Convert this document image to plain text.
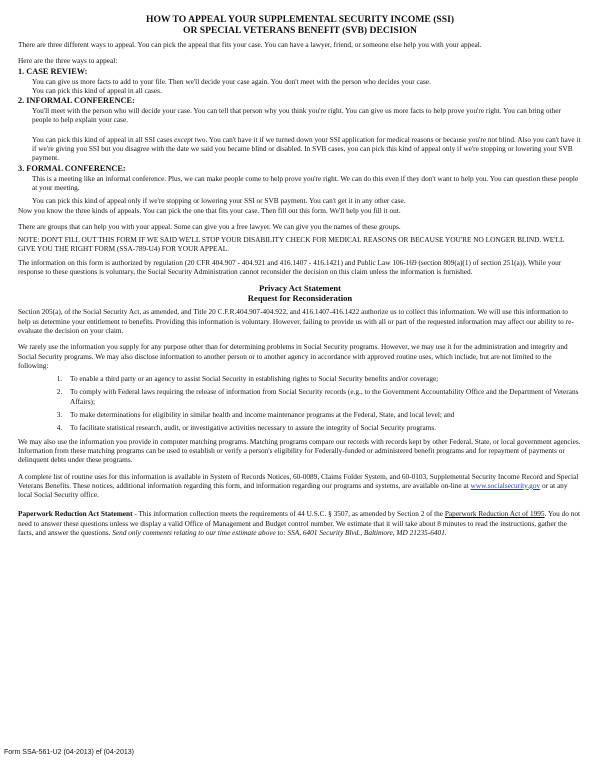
HOW TO APPEAL YOUR SUPPLEMENTAL SECURITY INCOME (SSI)
OR SPECIAL VETERANS BENEFIT (SVB) DECISION

There are three different ways to appeal. You can pick the appeal that fits your case. You can have a lawyer, friend, or someone else help you with your appeal.

Here are the three ways to appeal:

1. CASE REVIEW:

You can give us more facts to add to your file. Then we'll decide your case again. You don't meet with the person who decides your case.

You can pick this kind of appeal in all cases.

2. INFORMAL CONFERENCE:

You'll meet with the person who will decide your case. You can tell that person why you think you're right. You can give us more facts to help prove you're right. You can bring other people to help explain your case.

You can pick this kind of appeal in all SSI cases except two. You can't have it if we turned down your SSI application for medical reasons or because you're not blind. Also you can't have it if we're giving you SSI but you disagree with the date we said you became blind or disabled. In SVB cases, you can pick this kind of appeal only if we're stopping or lowering your SVB payment.

3. FORMAL CONFERENCE:

This is a meeting like an informal conference. Plus, we can make people come to help prove you're right. We can do this even if they don't want to help you. You can question these people at your meeting.

You can pick this kind of appeal only if we're stopping or lowering your SSI or SVB payment. You can't get it in any other case.

Now you know the three kinds of appeals. You can pick the one that fits your case. Then fill out this form. We'll help you fill it out.

There are groups that can help you with your appeal. Some can give you a free lawyer. We can give you the names of these groups.

NOTE: DON'T FILL OUT THIS FORM IF WE SAID WE'LL STOP YOUR DISABILITY CHECK FOR MEDICAL REASONS OR BECAUSE YOU'RE NO LONGER BLIND. WE'LL GIVE YOU THE RIGHT FORM (SSA-789-U4) FOR YOUR APPEAL.

The information on this form is authorized by regulation (20 CFR 404.907 - 404.921 and 416.1407 - 416.1421) and Public Law 106-169 (section 809(a)(1) of section 251(a)). While your response to these questions is voluntary, the Social Security Administration cannot reconsider the decision on this claim unless the information is furnished.

Privacy Act Statement
Request for Reconsideration

Section 205(a), of the Social Security Act, as amended, and Title 20 C.F.R.404.907-404.922, and 416.1407-416.1422 authorize us to collect this information. We will use this information to help us determine your entitlement to benefits. Providing this information is voluntary. However, failing to provide us with all or part of the requested information may affect our ability to re-evaluate the decision on your claim.

We rarely use the information you supply for any purpose other than for determining problems in Social Security programs. However, we may use it for the administration and integrity and Social Security programs. We may also disclose information to another person or to another agency in accordance with approved routine uses, which include, but are not limited to the following:

1. To enable a third party or an agency to assist Social Security in establishing rights to Social Security benefits and/or coverage;
2. To comply with Federal laws requiring the release of information from Social Security records (e.g., to the Government Accountability Office and the Department of Veterans Affairs);
3. To make determinations for eligibility in similar health and income maintenance programs at the Federal, State, and local level; and
4. To facilitate statistical research, audit, or investigative activities necessary to assure the integrity of Social Security programs.

We may also use the information you provide in computer matching programs. Matching programs compare our records with records kept by other Federal, State, or local government agencies. Information from these matching programs can be used to establish or verify a person's eligibility for Federally-funded or administered benefit programs and for repayment of payments or delinquent debts under these programs.

A complete list of routine uses for this information is available in System of Records Notices, 60-0089, Claims Folder System, and 60-0103, Supplemental Security Income Record and Special Veterans Benefits. These notices, additional information regarding this form, and information regarding our programs and systems, are available on-line at www.socialsecurity.gov or at any local Social Security office.

Paperwork Reduction Act Statement - This information collection meets the requirements of 44 U.S.C. § 3507, as amended by Section 2 of the Paperwork Reduction Act of 1995. You do not need to answer these questions unless we display a valid Office of Management and Budget control number. We estimate that it will take about 8 minutes to read the instructions, gather the facts, and answer the questions. Send only comments relating to our time estimate above to: SSA, 6401 Security Blvd., Baltimore, MD 21235-6401.

Form SSA-561-U2 (04-2013) ef (04-2013)
